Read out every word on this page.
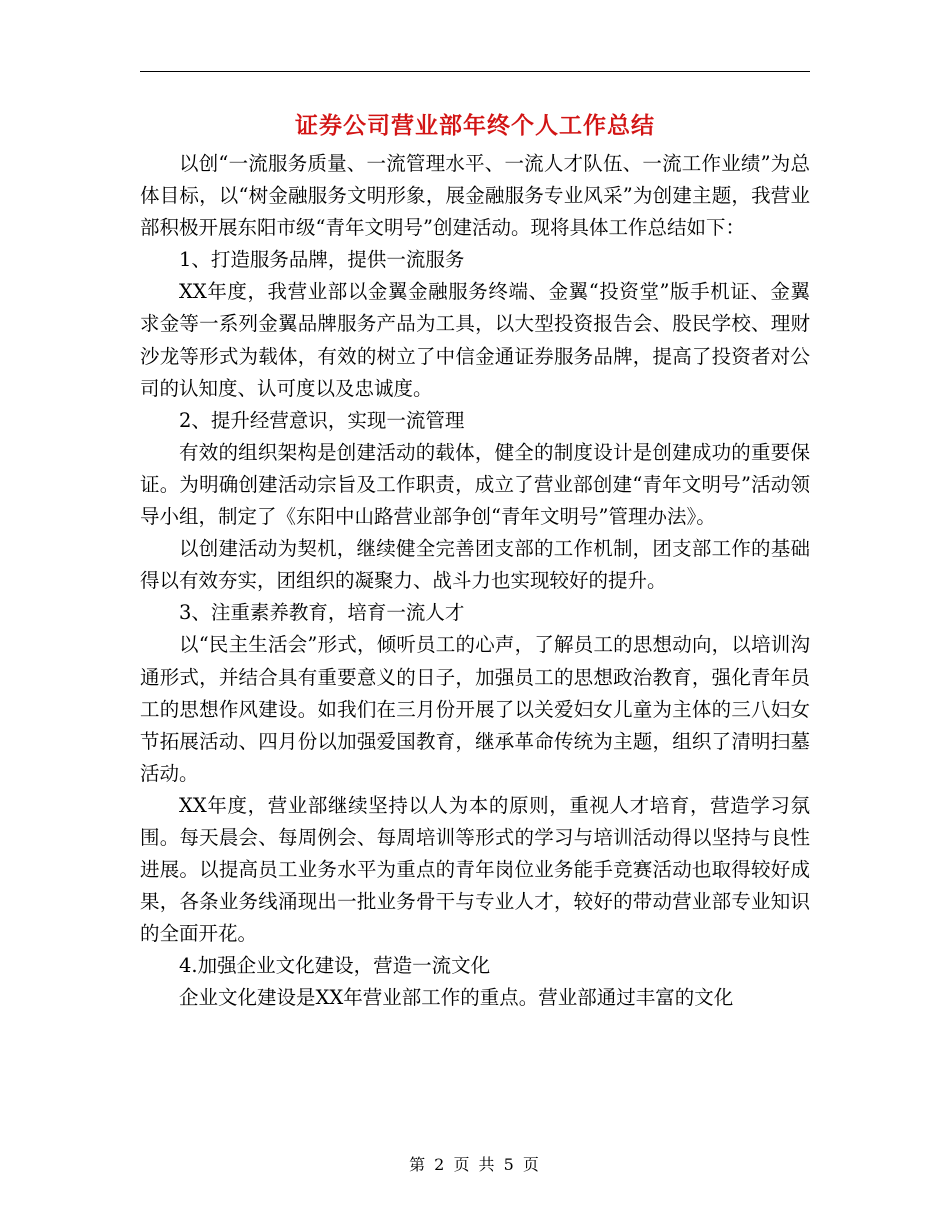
证券公司营业部年终个人工作总结

以创“一流服务质量、一流管理水平、一流人才队伍、一流工作业绩”为总体目标，以“树金融服务文明形象，展金融服务专业风采”为创建主题，我营业部积极开展东阳市级“青年文明号”创建活动。现将具体工作总结如下：

1、打造服务品牌，提供一流服务

XX年度，我营业部以金翼金融服务终端、金翼“投资堂”版手机证、金翼求金等一系列金翼品牌服务产品为工具，以大型投资报告会、股民学校、理财沙龙等形式为载体，有效的树立了中信金通证券服务品牌，提高了投资者对公司的认知度、认可度以及忠诚度。

2、提升经营意识，实现一流管理

有效的组织架构是创建活动的载体，健全的制度设计是创建成功的重要保证。为明确创建活动宗旨及工作职责，成立了营业部创建“青年文明号”活动领导小组，制定了《东阳中山路营业部争创“青年文明号”管理办法》。

以创建活动为契机，继续健全完善团支部的工作机制，团支部工作的基础得以有效夯实，团组织的凝聚力、战斗力也实现较好的提升。

3、注重素养教育，培育一流人才

以“民主生活会”形式，倾听员工的心声，了解员工的思想动向，以培训沟通形式，并结合具有重要意义的日子，加强员工的思想政治教育，强化青年员工的思想作风建设。如我们在三月份开展了以关爱妇女儿童为主体的三八妇女节拓展活动、四月份以加强爱国教育，继承革命传统为主题，组织了清明扫墓活动。

XX年度，营业部继续坚持以人为本的原则，重视人才培育，营造学习氛围。每天晨会、每周例会、每周培训等形式的学习与培训活动得以坚持与良性进展。以提高员工业务水平为重点的青年岗位业务能手竞赛活动也取得较好成果，各条业务线涌现出一批业务骨干与专业人才，较好的带动营业部专业知识的全面开花。

4.加强企业文化建设，营造一流文化

企业文化建设是XX年营业部工作的重点。营业部通过丰富的文化

第 2 页 共 5 页
